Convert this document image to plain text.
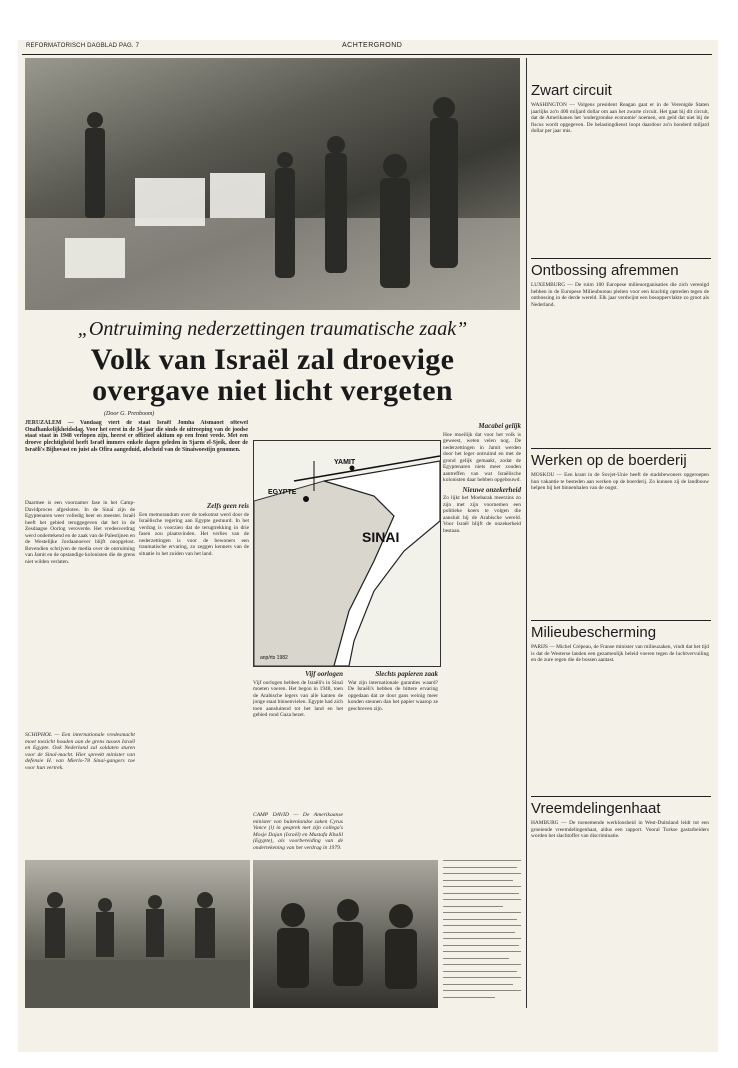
REFORMATORISCH DAGBLAD PAG. 7	ACHTERGROND
„Ontruiming nederzettingen traumatische zaak”
Volk van Israël zal droevige
overgave niet licht vergeten
(Door G. Prenboom)
JERUZALEM — Vandaag viert de staat Israël Jomha Atsmaoet oftewel Onafhankelijkheidsdag. Voor het eerst in de 34 jaar die sinds de uitroeping van de joodse staat staat in 1948 verlopen zijn, heerst er officieel aktium op een front vrede. Met een droeve plechtigheid heeft Israël immers enkele dagen geleden in Sjarm el-Sjeik, door de Israëli's Bijhovast en juist als Ofira aangeduid, afscheid van de Sinaiwoestijn genomen.
Daarmee is een voornamer fase in het Camp-Davidproces afgesloten. In de Sinaï zijn de Egyptenaren weer volledig heer en meester. Israël heeft het gebied teruggegeven dat het in de Zesdaagse Oorlog veroverde. Het vredesverdrag werd ondertekend en de zaak van de Palestijnen en de Westelijke Jordaanoever blijft onopgelost. Bovendien schrijven de media over de ontruiming van Jamit en de opstandige kolonisten die de grens niet wilden verlaten.
Zelfs geen reis
Een memorandum over de toekomst werd door de Israëlische regering aan Egypte gestuurd. In het verdrag is voorzien dat de terugtrekking in drie fasen zou plaatsvinden. Het verlies van de nederzettingen is voor de bewoners een traumatische ervaring, zo zeggen kenners van de situatie in het zuiden van het land.
SCHIPHOL — Een internationale vredesmacht moet toezicht houden aan de grens tussen Israël en Egypte. Ook Nederland zal soldaten sturen voor de Sinaï-macht. Hier spreekt minister van defensie H. van Mierlo-78 Sinai-gangers toe voor hun vertrek.
YAMIT
EGYPTE
SINAI
anp/rts 1982
Vijf oorlogen
Vijf oorlogen hebben de Israëli's in Sinaï moeten voeren. Het begon in 1948, toen de Arabische legers van alle kanten de jonge staat binnenvielen. Egypte had zich toen aansluitend tot het land en het gebied rond Gaza bezet.
CAMP DAVID — De Amerikaanse minister van buitenlandse zaken Cyrus Vance (l) in gesprek met zijn collega's Mosje Dajan (Israël) en Mustafa Khalil (Egypte), als voorbereiding van de ondertekening van het verdrag in 1979.
Slechts papieren zaak
Wat zijn internationale garanties waard? De Israëli's hebben de bittere ervaring opgedaan dat ze door gans weinig meer konden steunen dan het papier waarop ze geschreven zijn.
Macabei gelijk
Hoe moeilijk dat voor het volk is geweest, weten velen nog. De nederzettingen in Jamit werden door het leger ontruimd en met de grond gelijk gemaakt, zodat de Egyptenaren niets meer zouden aantreffen van wat Israëlische kolonisten daar hebben opgebouwd.
Nieuwe onzekerheid
Zo lijkt het Moebarak meerzins zo zijn met zijn voornemen een politieke koers te volgen die aansluit bij de Arabische wereld. Voor Israël blijft de onzekerheid bestaan.
Zwart circuit
WASHINGTON — Volgens president Reagan gaat er in de Verenigde Staten jaarlijks zo'n 400 miljard dollar om aan het zwarte circuit. Het gaat bij dit circuit, dat de Amerikanen het 'ondergrondse economie' noemen, om geld dat niet bij de fiscus wordt opgegeven. De belastingdienst loopt daardoor zo'n honderd miljard dollar per jaar mis.
Ontbossing afremmen
LUXEMBURG — De ruim 100 Europese milieuorganisaties die zich verenigd hebben in de Europese Milieubureau pleiten voor een krachtig optreden tegen de ontbossing in de derde wereld. Elk jaar verdwijnt een bosoppervlakte zo groot als Nederland.
Werken op de boerderij
MOSKOU — Een krant in de Sovjet-Unie heeft de stadsbewoners opgeroepen hun vakantie te besteden aan werken op de boerderij. Zo kunnen zij de landbouw helpen bij het binnenhalen van de oogst.
Milieubescherming
PARIJS — Michel Crépeau, de Franse minister van milieuzaken, vindt dat het tijd is dat de Westerse landen een gezamenlijk beleid voeren tegen de luchtvervuiling en de zure regen die de bossen aantast.
Vreemdelingenhaat
HAMBURG — De toenemende werkloosheid in West-Duitsland leidt tot een groeiende vreemdelingenhaat, aldus een rapport. Vooral Turkse gastarbeiders worden het slachtoffer van discriminatie.
